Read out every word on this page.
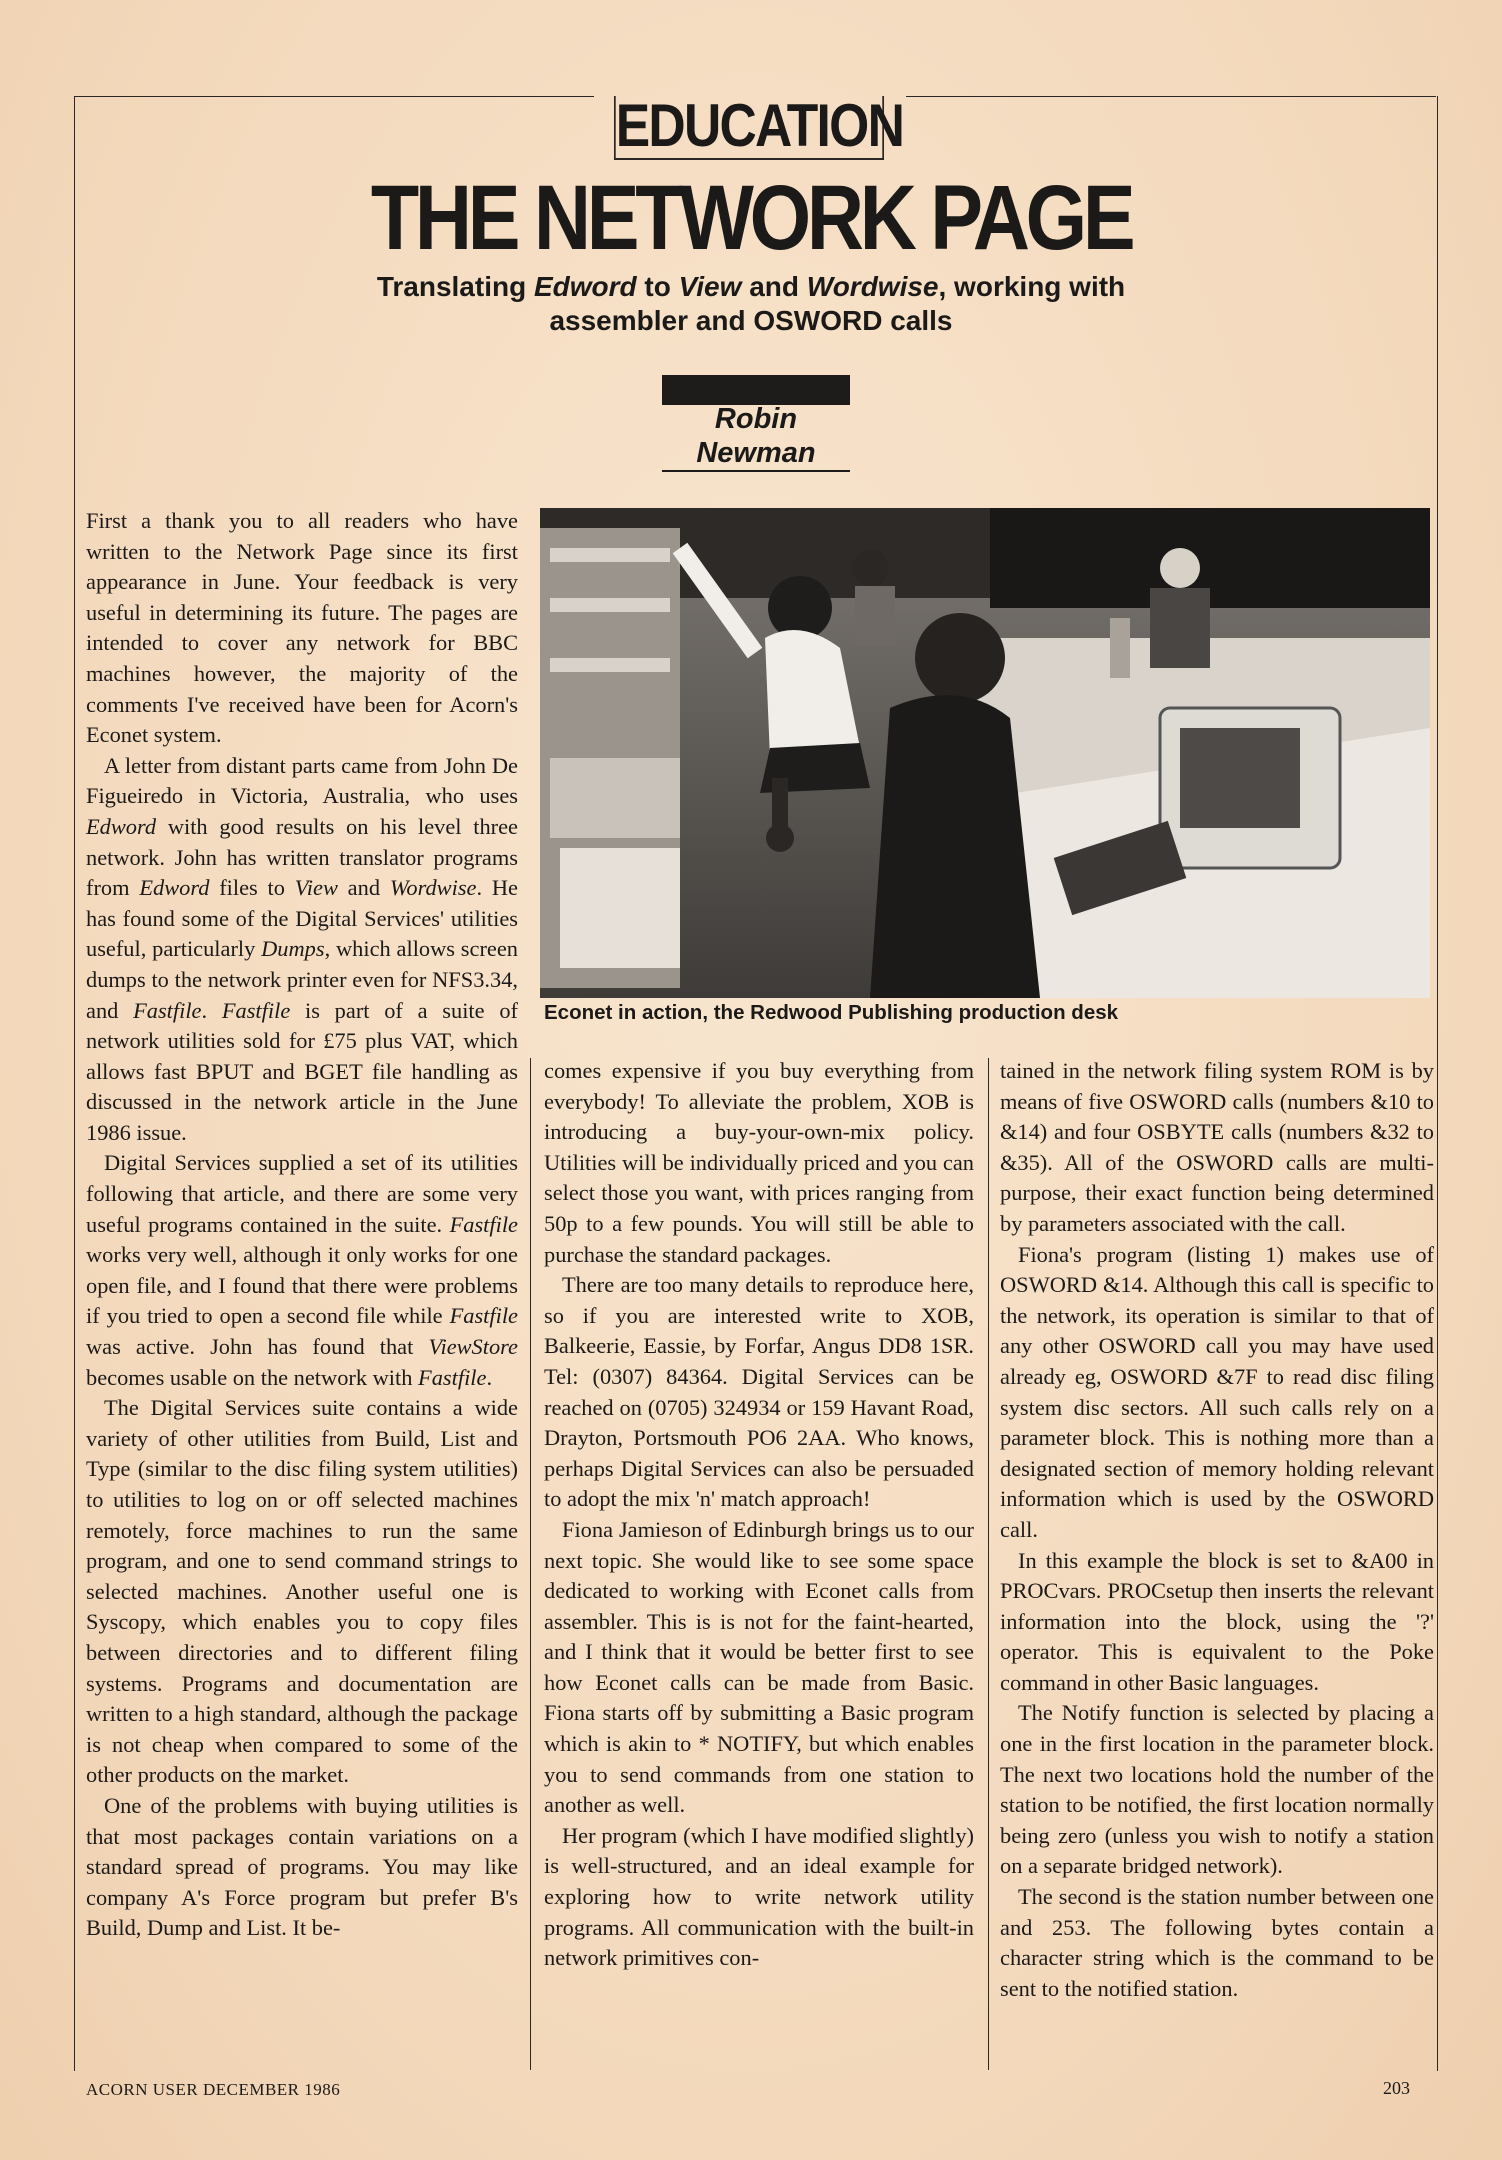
EDUCATION
THE NETWORK PAGE
Translating Edword to View and Wordwise, working with assembler and OSWORD calls
Robin Newman

First a thank you to all readers who have written to the Network Page since its first appearance in June. Your feedback is very useful in determining its future. The pages are intended to cover any network for BBC machines however, the majority of the comments I've received have been for Acorn's Econet system.

A letter from distant parts came from John De Figueiredo in Victoria, Australia, who uses Edword with good results on his level three network. John has written translator programs from Edword files to View and Wordwise. He has found some of the Digital Services' utilities useful, particularly Dumps, which allows screen dumps to the network printer even for NFS3.34, and Fastfile. Fastfile is part of a suite of network utilities sold for £75 plus VAT, which allows fast BPUT and BGET file handling as discussed in the network article in the June 1986 issue.

Digital Services supplied a set of its utilities following that article, and there are some very useful programs contained in the suite. Fastfile works very well, although it only works for one open file, and I found that there were problems if you tried to open a second file while Fastfile was active. John has found that ViewStore becomes usable on the network with Fastfile.

The Digital Services suite contains a wide variety of other utilities from Build, List and Type (similar to the disc filing system utilities) to utilities to log on or off selected machines remotely, force machines to run the same program, and one to send command strings to selected machines. Another useful one is Syscopy, which enables you to copy files between directories and to different filing systems. Programs and documentation are written to a high standard, although the package is not cheap when compared to some of the other products on the market.

One of the problems with buying utilities is that most packages contain variations on a standard spread of programs. You may like company A's Force program but prefer B's Build, Dump and List. It be-

Econet in action, the Redwood Publishing production desk

comes expensive if you buy everything from everybody! To alleviate the problem, XOB is introducing a buy-your-own-mix policy. Utilities will be individually priced and you can select those you want, with prices ranging from 50p to a few pounds. You will still be able to purchase the standard packages.

There are too many details to reproduce here, so if you are interested write to XOB, Balkeerie, Eassie, by Forfar, Angus DD8 1SR. Tel: (0307) 84364. Digital Services can be reached on (0705) 324934 or 159 Havant Road, Drayton, Portsmouth PO6 2AA. Who knows, perhaps Digital Services can also be persuaded to adopt the mix 'n' match approach!

Fiona Jamieson of Edinburgh brings us to our next topic. She would like to see some space dedicated to working with Econet calls from assembler. This is is not for the faint-hearted, and I think that it would be better first to see how Econet calls can be made from Basic. Fiona starts off by submitting a Basic program which is akin to * NOTIFY, but which enables you to send commands from one station to another as well.

Her program (which I have modified slightly) is well-structured, and an ideal example for exploring how to write network utility programs. All communication with the built-in network primitives con-

tained in the network filing system ROM is by means of five OSWORD calls (numbers &10 to &14) and four OSBYTE calls (numbers &32 to &35). All of the OSWORD calls are multi-purpose, their exact function being determined by parameters associated with the call.

Fiona's program (listing 1) makes use of OSWORD &14. Although this call is specific to the network, its operation is similar to that of any other OSWORD call you may have used already eg, OSWORD &7F to read disc filing system disc sectors. All such calls rely on a parameter block. This is nothing more than a designated section of memory holding relevant information which is used by the OSWORD call.

In this example the block is set to &A00 in PROCvars. PROCsetup then inserts the relevant information into the block, using the '?' operator. This is equivalent to the Poke command in other Basic languages.

The Notify function is selected by placing a one in the first location in the parameter block. The next two locations hold the number of the station to be notified, the first location normally being zero (unless you wish to notify a station on a separate bridged network).

The second is the station number between one and 253. The following bytes contain a character string which is the command to be sent to the notified station.

ACORN USER DECEMBER 1986	203
